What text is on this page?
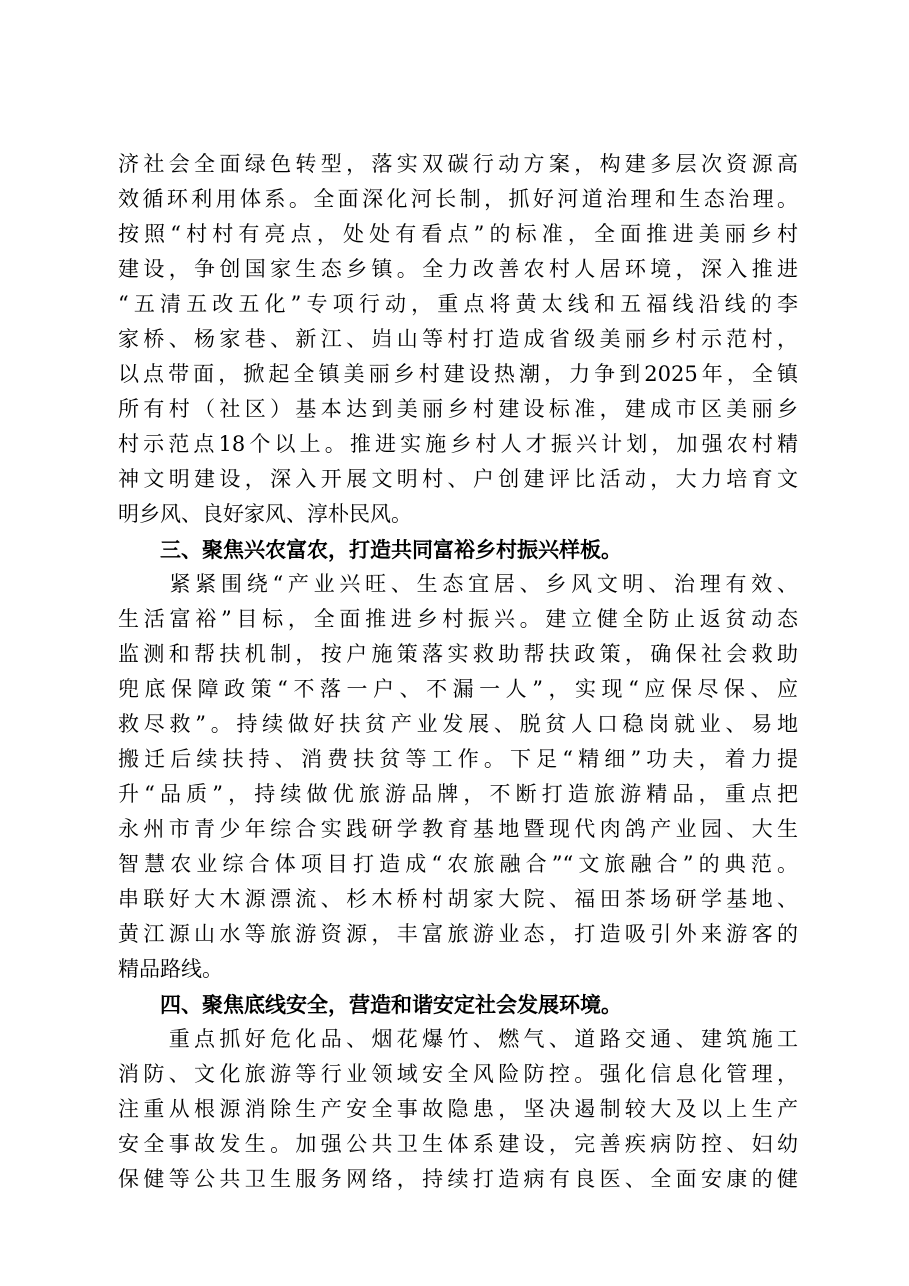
济社会全面绿色转型，落实双碳行动方案，构建多层次资源高
效循环利用体系。全面深化河长制，抓好河道治理和生态治理。
按照“村村有亮点，处处有看点”的标准，全面推进美丽乡村
建设，争创国家生态乡镇。全力改善农村人居环境，深入推进
“五清五改五化”专项行动，重点将黄太线和五福线沿线的李
家桥、杨家巷、新江、岿山等村打造成省级美丽乡村示范村，
以点带面，掀起全镇美丽乡村建设热潮，力争到2025年，全镇
所有村（社区）基本达到美丽乡村建设标准，建成市区美丽乡
村示范点18个以上。推进实施乡村人才振兴计划，加强农村精
神文明建设，深入开展文明村、户创建评比活动，大力培育文
明乡风、良好家风、淳朴民风。
　　三、聚焦兴农富农，打造共同富裕乡村振兴样板。
　　紧紧围绕“产业兴旺、生态宜居、乡风文明、治理有效、
生活富裕”目标，全面推进乡村振兴。建立健全防止返贫动态
监测和帮扶机制，按户施策落实救助帮扶政策，确保社会救助
兜底保障政策“不落一户、不漏一人”，实现“应保尽保、应
救尽救”。持续做好扶贫产业发展、脱贫人口稳岗就业、易地
搬迁后续扶持、消费扶贫等工作。下足“精细”功夫，着力提
升“品质”，持续做优旅游品牌，不断打造旅游精品，重点把
永州市青少年综合实践研学教育基地暨现代肉鸽产业园、大生
智慧农业综合体项目打造成“农旅融合”“文旅融合”的典范。
串联好大木源漂流、杉木桥村胡家大院、福田茶场研学基地、
黄江源山水等旅游资源，丰富旅游业态，打造吸引外来游客的
精品路线。
　　四、聚焦底线安全，营造和谐安定社会发展环境。
　　重点抓好危化品、烟花爆竹、燃气、道路交通、建筑施工
消防、文化旅游等行业领域安全风险防控。强化信息化管理，
注重从根源消除生产安全事故隐患，坚决遏制较大及以上生产
安全事故发生。加强公共卫生体系建设，完善疾病防控、妇幼
保健等公共卫生服务网络，持续打造病有良医、全面安康的健
